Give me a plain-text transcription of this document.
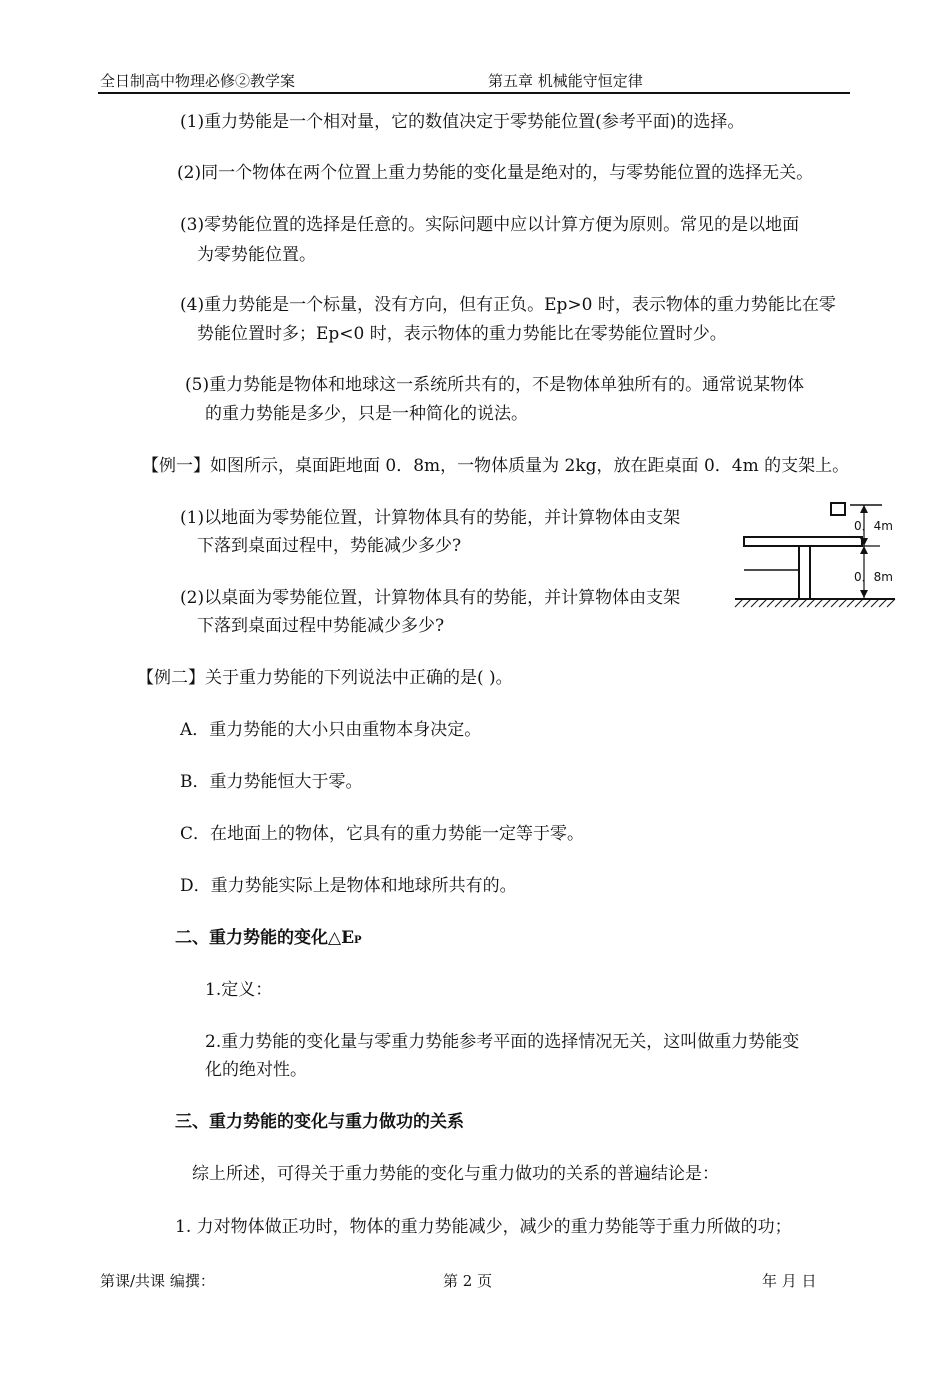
全日制高中物理必修②教学案	第五章 机械能守恒定律
(1)重力势能是一个相对量，它的数值决定于零势能位置(参考平面)的选择。
(2)同一个物体在两个位置上重力势能的变化量是绝对的，与零势能位置的选择无关。
(3)零势能位置的选择是任意的。实际问题中应以计算方便为原则。常见的是以地面
为零势能位置。
(4)重力势能是一个标量，没有方向，但有正负。Ep>0 时，表示物体的重力势能比在零
势能位置时多；Ep<0 时，表示物体的重力势能比在零势能位置时少。
(5)重力势能是物体和地球这一系统所共有的，不是物体单独所有的。通常说某物体
的重力势能是多少，只是一种简化的说法。
【例一】如图所示，桌面距地面 0．8m，一物体质量为 2kg，放在距桌面 0．4m 的支架上。
(1)以地面为零势能位置，计算物体具有的势能，并计算物体由支架
下落到桌面过程中，势能减少多少?
(2)以桌面为零势能位置，计算物体具有的势能，并计算物体由支架
下落到桌面过程中势能减少多少?
0．4m
0．8m
【例二】关于重力势能的下列说法中正确的是( )。
A．重力势能的大小只由重物本身决定。
B．重力势能恒大于零。
C．在地面上的物体，它具有的重力势能一定等于零。
D．重力势能实际上是物体和地球所共有的。
二、重力势能的变化△EP
1.定义：
2.重力势能的变化量与零重力势能参考平面的选择情况无关，这叫做重力势能变
化的绝对性。
三、重力势能的变化与重力做功的关系
综上所述，可得关于重力势能的变化与重力做功的关系的普遍结论是：
1. 力对物体做正功时，物体的重力势能减少，减少的重力势能等于重力所做的功；
第课/共课 编撰：	第 2 页	年 月 日
